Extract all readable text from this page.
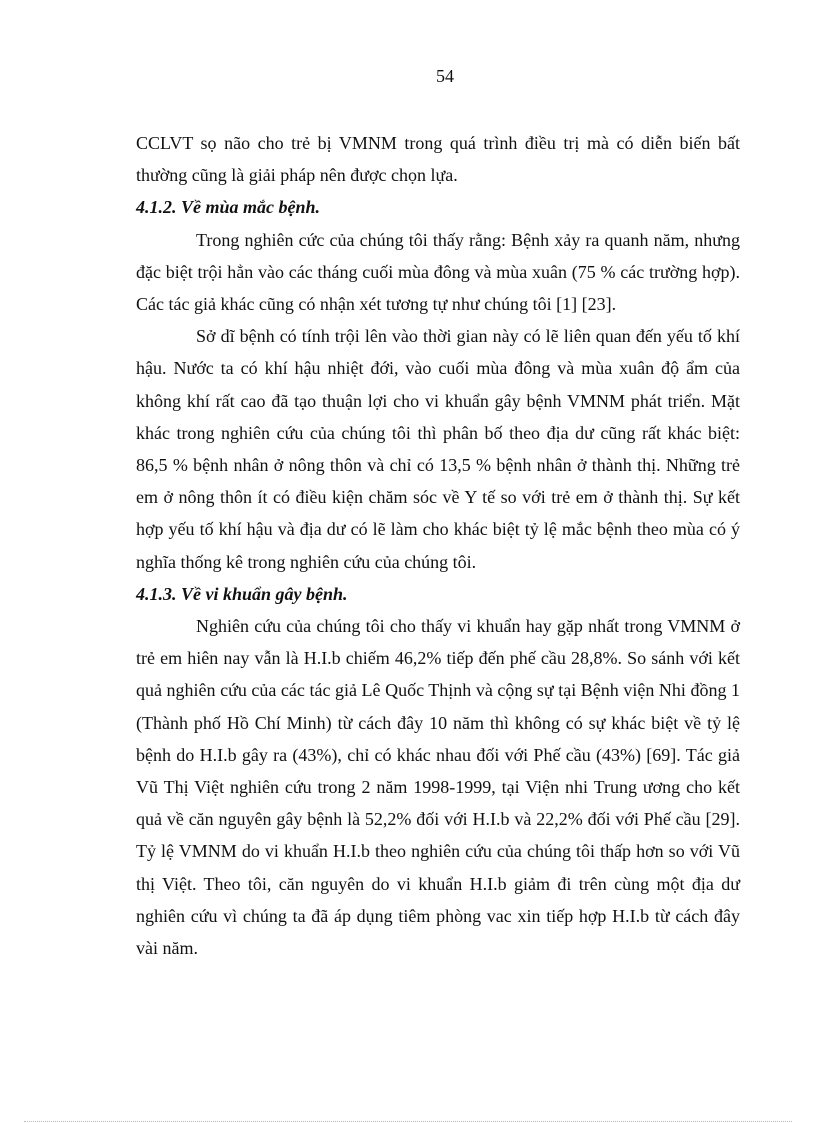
54

CCLVT sọ não cho trẻ bị VMNM trong quá trình điều trị mà có diễn biến bất thường cũng là giải pháp nên được chọn lựa.

4.1.2. Về mùa mắc bệnh.

Trong nghiên cức của chúng tôi thấy rằng: Bệnh xảy ra quanh năm, nhưng đặc biệt trội hẳn vào các tháng cuối mùa đông và mùa xuân (75 % các trường hợp). Các tác giả khác cũng có nhận xét tương tự như chúng tôi [1] [23].

Sở dĩ bệnh có tính trội lên vào thời gian này có lẽ liên quan đến yếu tố khí hậu. Nước ta có khí hậu nhiệt đới, vào cuối mùa đông và mùa xuân độ ẩm của không khí rất cao đã tạo thuận lợi cho vi khuẩn gây bệnh VMNM phát triển. Mặt khác trong nghiên cứu của chúng tôi thì phân bố theo địa dư cũng rất khác biệt: 86,5 % bệnh nhân ở nông thôn và chỉ có 13,5 % bệnh nhân ở thành thị. Những trẻ em ở nông thôn ít có điều kiện chăm sóc về Y tế so với trẻ em ở thành thị. Sự kết hợp yếu tố khí hậu và địa dư có lẽ làm cho khác biệt tỷ lệ mắc bệnh theo mùa có ý nghĩa thống kê trong nghiên cứu của chúng tôi.

4.1.3. Về vi khuẩn gây bệnh.

Nghiên cứu của chúng tôi cho thấy vi khuẩn hay gặp nhất trong VMNM ở trẻ em hiên nay vẫn là H.I.b chiếm 46,2% tiếp đến phế cầu 28,8%. So sánh với kết quả nghiên cứu của các tác giả Lê Quốc Thịnh và cộng sự tại Bệnh viện Nhi đồng 1 (Thành phố Hồ Chí Minh) từ cách đây 10 năm thì không có sự khác biệt về tỷ lệ bệnh do H.I.b gây ra (43%), chỉ có khác nhau đối với Phế cầu (43%) [69]. Tác giả Vũ Thị Việt nghiên cứu trong 2 năm 1998-1999, tại Viện nhi Trung ương cho kết quả về căn nguyên gây bệnh là 52,2% đối với H.I.b và 22,2% đối với Phế cầu [29]. Tỷ lệ VMNM do vi khuẩn H.I.b theo nghiên cứu của chúng tôi thấp hơn so với Vũ thị Việt. Theo tôi, căn nguyên do vi khuẩn H.I.b giảm đi trên cùng một địa dư nghiên cứu vì chúng ta đã áp dụng tiêm phòng vac xin tiếp hợp H.I.b từ cách đây vài năm.
